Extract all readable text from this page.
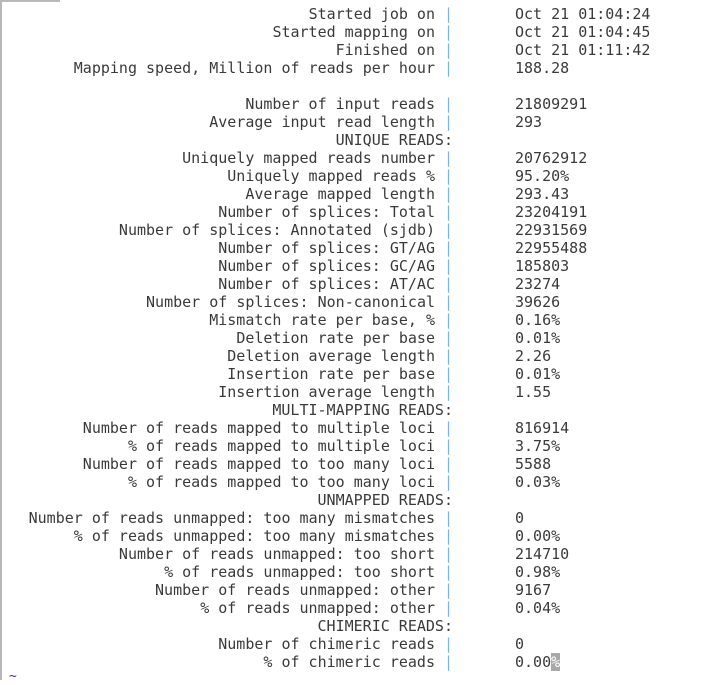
Started job on |	Oct 21 01:04:24
Started mapping on |	Oct 21 01:04:45
Finished on |	Oct 21 01:11:42
Mapping speed, Million of reads per hour |	188.28
Number of input reads |	21809291
Average input read length |	293
UNIQUE READS:
Uniquely mapped reads number |	20762912
Uniquely mapped reads % |	95.20%
Average mapped length |	293.43
Number of splices: Total |	23204191
Number of splices: Annotated (sjdb) |	22931569
Number of splices: GT/AG |	22955488
Number of splices: GC/AG |	185803
Number of splices: AT/AC |	23274
Number of splices: Non-canonical |	39626
Mismatch rate per base, % |	0.16%
Deletion rate per base |	0.01%
Deletion average length |	2.26
Insertion rate per base |	0.01%
Insertion average length |	1.55
MULTI-MAPPING READS:
Number of reads mapped to multiple loci |	816914
% of reads mapped to multiple loci |	3.75%
Number of reads mapped to too many loci |	5588
% of reads mapped to too many loci |	0.03%
UNMAPPED READS:
Number of reads unmapped: too many mismatches |	0
% of reads unmapped: too many mismatches |	0.00%
Number of reads unmapped: too short |	214710
% of reads unmapped: too short |	0.98%
Number of reads unmapped: other |	9167
% of reads unmapped: other |	0.04%
CHIMERIC READS:
Number of chimeric reads |	0
% of chimeric reads |	0.00%
~
